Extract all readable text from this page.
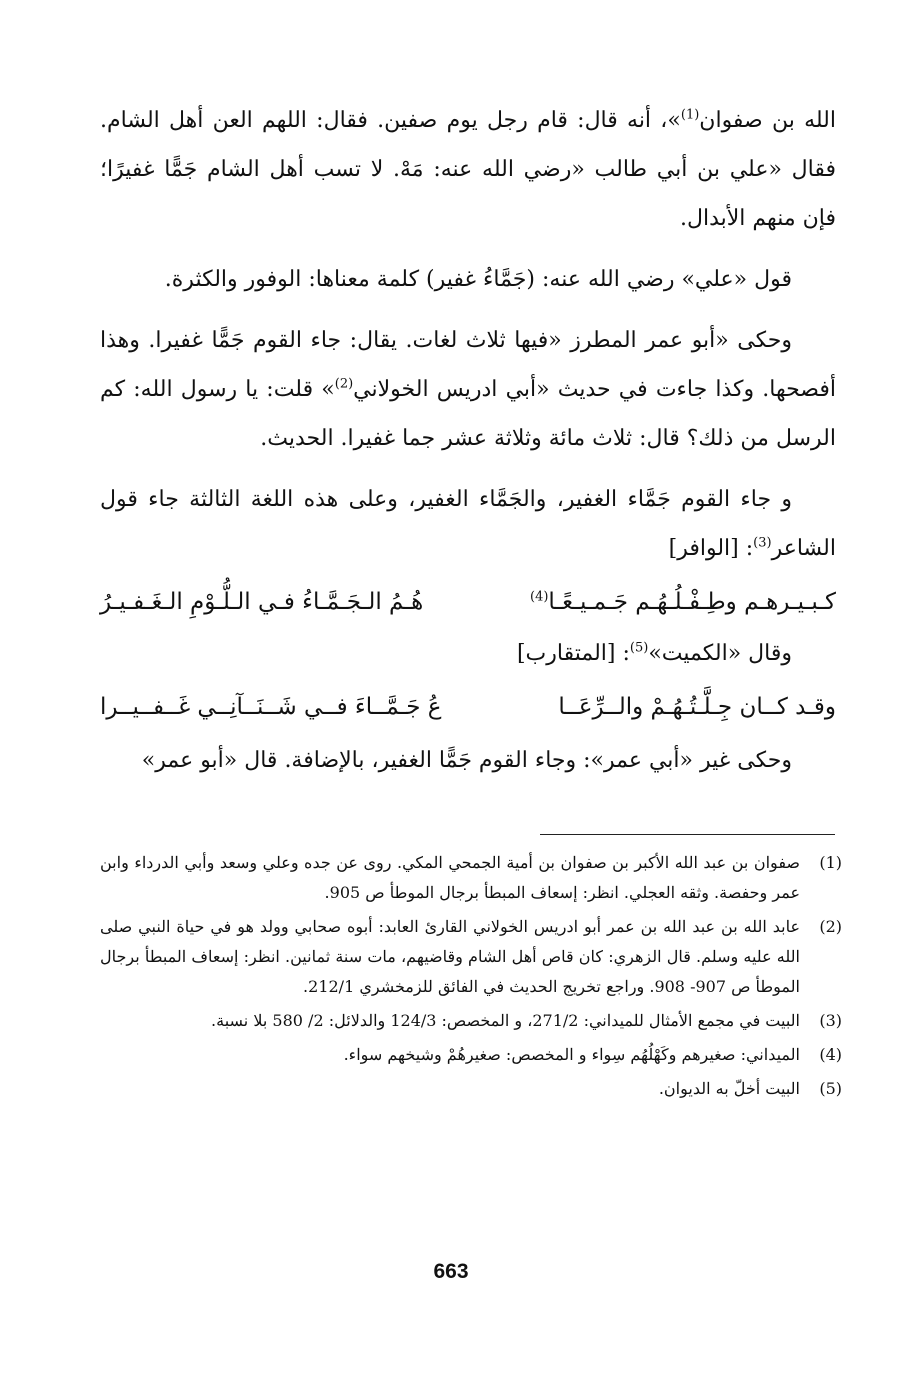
الله بن صفوان$^{(1)}$»، أنه قال: قام رجل يوم صفين. فقال: اللهم العن أهل الشام. فقال «علي بن أبي طالب «رضي الله عنه: مَهْ. لا تسب أهل الشام جَمًّا غفيرًا؛ فإن منهم الأبدال.

قول «علي» رضي الله عنه: (جَمَّاءُ غفير) كلمة معناها: الوفور والكثرة.

وحكى «أبو عمر المطرز «فيها ثلاث لغات. يقال: جاء القوم جَمًّا غفيرا. وهذا أفصحها. وكذا جاءت في حديث «أبي ادريس الخولاني$^{(2)}$» قلت: يا رسول الله: كم الرسل من ذلك؟ قال: ثلاث مائة وثلاثة عشر جما غفيرا. الحديث.

و جاء القوم جَمَّاء الغفير، والجَمَّاء الغفير، وعلى هذه اللغة الثالثة جاء قول الشاعر$^{(3)}$: [الوافر]

كـبـيـرهـم وطِـفْـلُـهُـم جَـمـيـعًـا$^{(4)}$
هُـمُ الـجَـمَّـاءُ فـي الـلُّـوْمِ الـغَـفـيـرُ

وقال «الكميت»$^{(5)}$: [المتقارب]

وقـد كــان جِـلَّـتُـهُـمْ والــرِّعَــا
عُ جَـمَّــاءَ فــي شَــنَــآنِــي غَــفــيــرا

وحكى غير «أبي عمر»: وجاء القوم جَمًّا الغفير، بالإضافة. قال «أبو عمر»

(1)
صفوان بن عبد الله الأكبر بن صفوان بن أمية الجمحي المكي. روى عن جده وعلي وسعد وأبي الدرداء وابن عمر وحفصة. وثقه العجلي. انظر: إسعاف المبطأ برجال الموطأ ص 905.
(2)
عابد الله بن عبد الله بن عمر أبو ادريس الخولاني القارئ العابد: أبوه صحابي وولد هو في حياة النبي صلى الله عليه وسلم. قال الزهري: كان قاص أهل الشام وقاضيهم، مات سنة ثمانين. انظر: إسعاف المبطأ برجال الموطأ ص 907- 908. وراجع تخريج الحديث في الفائق للزمخشري 212/1.
(3)
البيت في مجمع الأمثال للميداني: 271/2، و المخصص: 124/3 والدلائل: 2/ 580 بلا نسبة.
(4)
الميداني: صغيرهم وكَهْلُهُم سِواء و المخصص: صغيرهُمْ وشيخهم سواء.
(5)
البيت أخلّ به الديوان.
663
